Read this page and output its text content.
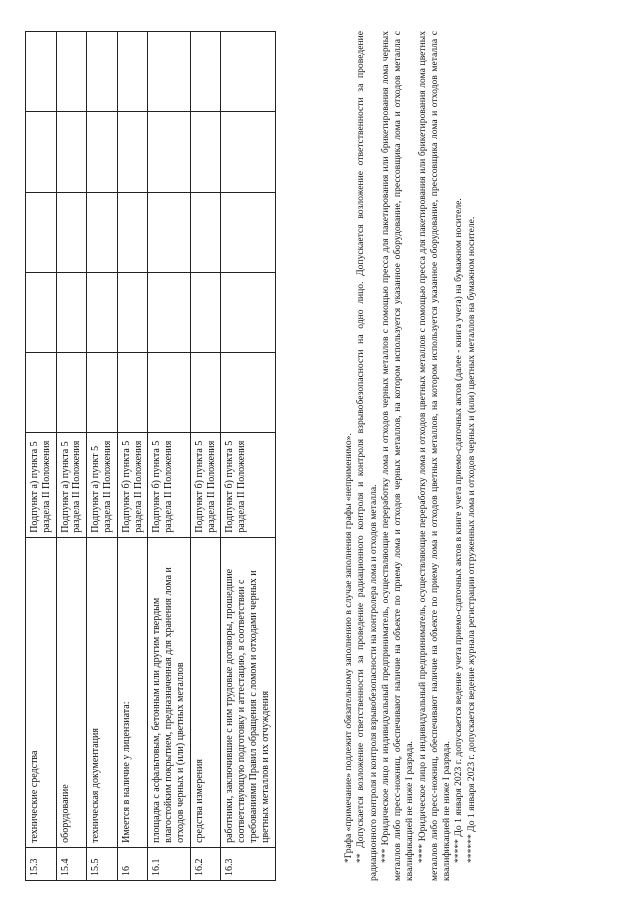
15.3	технические средства	Подпункт а) пункта 5 раздела II Положения					
15.4	оборудование	Подпункт а) пункта 5 раздела II Положения					
15.5	техническая документация	Подпункт а) пункт 5 раздела II Положения					
16	Имеется в наличие у лицензиата:	Подпункт б) пункта 5 раздела II Положения					
16.1	площадка с асфальтовым, бетонным или другим твердым влагостойким покрытием, предназначенная для хранения лома и отходов черных и (или) цветных металлов	Подпункт б) пункта 5 раздела II Положения					
16.2	средства измерения	Подпункт б) пункта 5 раздела II Положения					
16.3	работники, заключившие с ним трудовые договоры, прошедшие соответствующую подготовку и аттестацию, в соответствии с требованиями Правил обращения с ломом и отходами черных и цветных металлов и их отчуждения	Подпункт б) пункта 5 раздела II Положения						*Графа «примечание» подлежит обязательному заполнению в случае заполнения графы «неприменимо». ** Допускается возложение ответственности за проведение радиационного контроля и контроля взрывобезопасности на одно лицо. Допускается возложение ответственности за проведение радиационного контроля и контроля взрывобезопасности на контролера лома и отходов металла. *** Юридическое лицо и индивидуальный предприниматель, осуществляющие переработку лома и отходов черных металлов с помощью пресса для пакетирования или брикетирования лома черных металлов либо пресс-ножниц, обеспечивают наличие на объекте по приему лома и отходов черных металлов, на котором используется указанное оборудование, прессовщика лома и отходов металла с квалификацией не ниже I разряда. **** Юридическое лицо и индивидуальный предприниматель, осуществляющие переработку лома и отходов цветных металлов с помощью пресса для пакетирования или брикетирования лома цветных металлов либо пресс-ножниц, обеспечивают наличие на объекте по приему лома и отходов цветных металлов, на котором используется указанное оборудование, прессовщика лома и отходов металла с квалификацией не ниже I разряда. ***** До 1 января 2023 г. допускается ведение учета приемо-сдаточных актов в книге учета приемо-сдаточных актов (далее - книга учета) на бумажном носителе. ****** До 1 января 2023 г. допускается ведение журнала регистрации отгруженных лома и отходов черных и (или) цветных металлов на бумажном носителе.
